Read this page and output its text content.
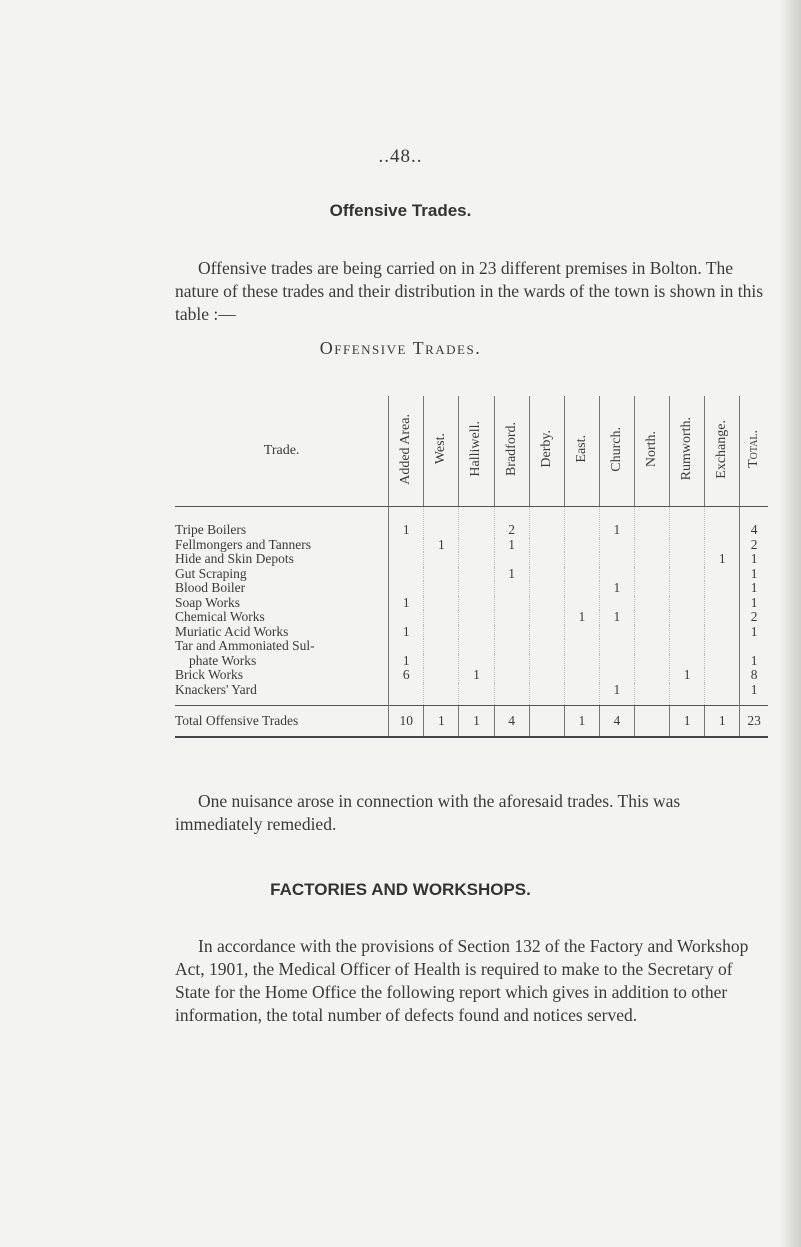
..48..
Offensive Trades.
Offensive trades are being carried on in 23 different premises in Bolton. The nature of these trades and their distribution in the wards of the town is shown in this table :—
Offensive Trades.
Trade.	Added Area.	West.	Halliwell.	Bradford.	Derby.	East.	Church.	North.	Rumworth.	Exchange.	Total.
Tripe Boilers	1			2			1				4
Fellmongers and Tanners		1		1							2
Hide and Skin Depots										1	1
Gut Scraping				1							1
Blood Boiler							1				1
Soap Works	1										1
Chemical Works						1	1				2
Muriatic Acid Works	1										1
Tar and Ammoniated Sul-											
phate Works	1										1
Brick Works	6		1						1		8
Knackers' Yard							1				1
Total Offensive Trades	10	1	1	4		1	4		1	1	23
One nuisance arose in connection with the aforesaid trades. This was immediately remedied.
FACTORIES AND WORKSHOPS.
In accordance with the provisions of Section 132 of the Factory and Workshop Act, 1901, the Medical Officer of Health is required to make to the Secretary of State for the Home Office the following report which gives in addition to other information, the total number of defects found and notices served.
